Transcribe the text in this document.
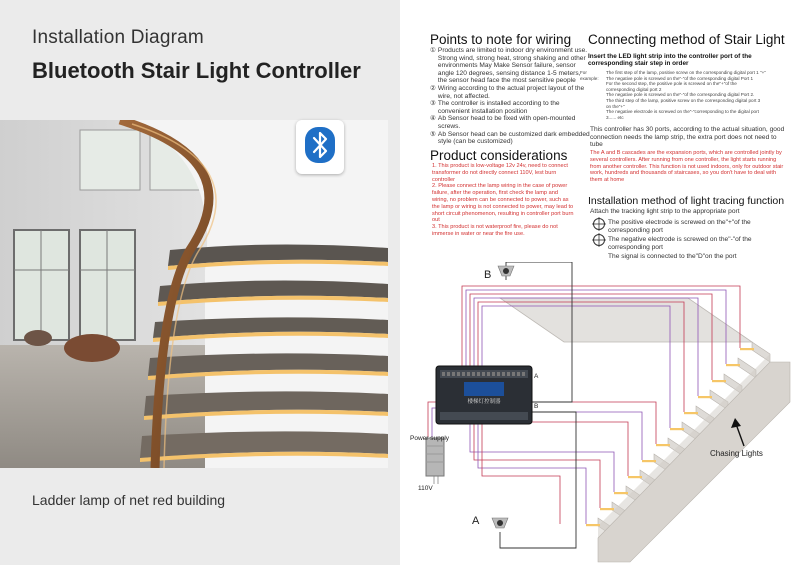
Installation Diagram
Bluetooth Stair Light Controller
Ladder lamp of net red building
Points to note for wiring
① Products are limited to indoor dry environment use. Strong wind, strong heat, strong shaking and other environments May Make Sensor failure, sensor angle 120 degrees, sensing distance 1-5 meters, the sensor head face the most sensitive people
② Wiring according to the actual project layout of the wire, not affected.
③ The controller is installed according to the convenient installation position
④ Ab Sensor head to be fixed with open-mounted screws.
⑤ Ab Sensor head can be customized dark embedded style (can be customized)
Product considerations
1. This product is low-voltage 12v 24v, need to connect transformer do not directly connect 110V, lest burn controller
2. Please connect the lamp wiring in the case of power failure, after the operation, first check the lamp and wiring, no problem can be connected to power, such as the lamp or wiring is not connected to power, may lead to short circuit phenomenon, resulting in controller port burn out
3. This product is not waterproof fire, please do not immerse in water or near the fire use.
Connecting method of Stair Light
Insert the LED light strip into the controller port of the corresponding stair step in order
For example:
The first step of the lamp, positive screw on the corresponding digital port 1 "+"
The negative pole is screwed on the"-"of the corresponding digital Port 1
For the second step, the positive pole is screwed on the"+"of the corresponding digital port 2
The negative pole is screwed on the"-"of the corresponding digital Port 2.
The third step of the lamp, positive screw on the corresponding digital port 3 on the"+"
The negative electrode is screwed on the"-"corresponding to the digital port 3...... etc
This controller has 30 ports, according to the actual situation, good connection needs the lamp strip, the extra port does not need to tube
The A and B cascades are the expansion ports, which are controlled jointly by several controllers. After running from one controller, the light starts running from another controller. This function is not used indoors, only for outdoor stair work, hundreds and thousands of staircases, so you don't have to deal with them at home
Installation method of light tracing function
Attach the tracking light strip to the appropriate port
The positive electrode is screwed on the"+"of the corresponding port
The negative electrode is screwed on the"-"of the corresponding port
The signal is connected to the"D"on the port
楼梯灯控制器
Power supply
110V
B
A
A
B
Chasing Lights
